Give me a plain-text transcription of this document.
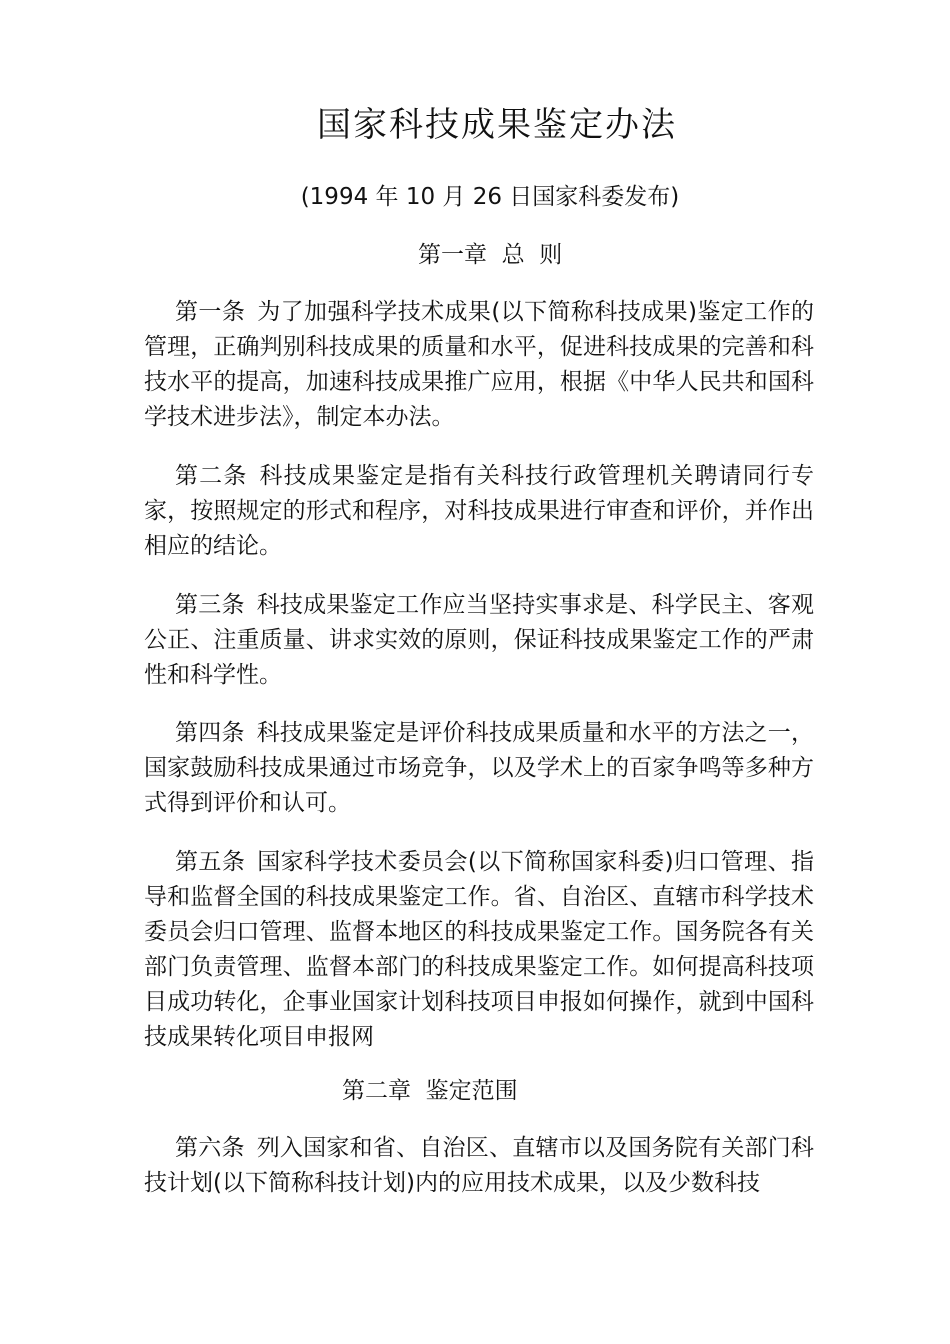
国家科技成果鉴定办法
(1994 年 10 月 26 日国家科委发布)
第一章  总  则

第一条 为了加强科学技术成果(以下简称科技成果)鉴定工作的管理，正确判别科技成果的质量和水平，促进科技成果的完善和科技水平的提高，加速科技成果推广应用，根据《中华人民共和国科学技术进步法》，制定本办法。

第二条 科技成果鉴定是指有关科技行政管理机关聘请同行专家，按照规定的形式和程序，对科技成果进行审查和评价，并作出相应的结论。

第三条 科技成果鉴定工作应当坚持实事求是、科学民主、客观公正、注重质量、讲求实效的原则，保证科技成果鉴定工作的严肃性和科学性。

第四条 科技成果鉴定是评价科技成果质量和水平的方法之一，国家鼓励科技成果通过市场竞争，以及学术上的百家争鸣等多种方式得到评价和认可。

第五条 国家科学技术委员会(以下简称国家科委)归口管理、指导和监督全国的科技成果鉴定工作。省、自治区、直辖市科学技术委员会归口管理、监督本地区的科技成果鉴定工作。国务院各有关部门负责管理、监督本部门的科技成果鉴定工作。如何提高科技项目成功转化，企事业国家计划科技项目申报如何操作，就到中国科技成果转化项目申报网

第二章  鉴定范围

第六条 列入国家和省、自治区、直辖市以及国务院有关部门科技计划(以下简称科技计划)内的应用技术成果，以及少数科技
